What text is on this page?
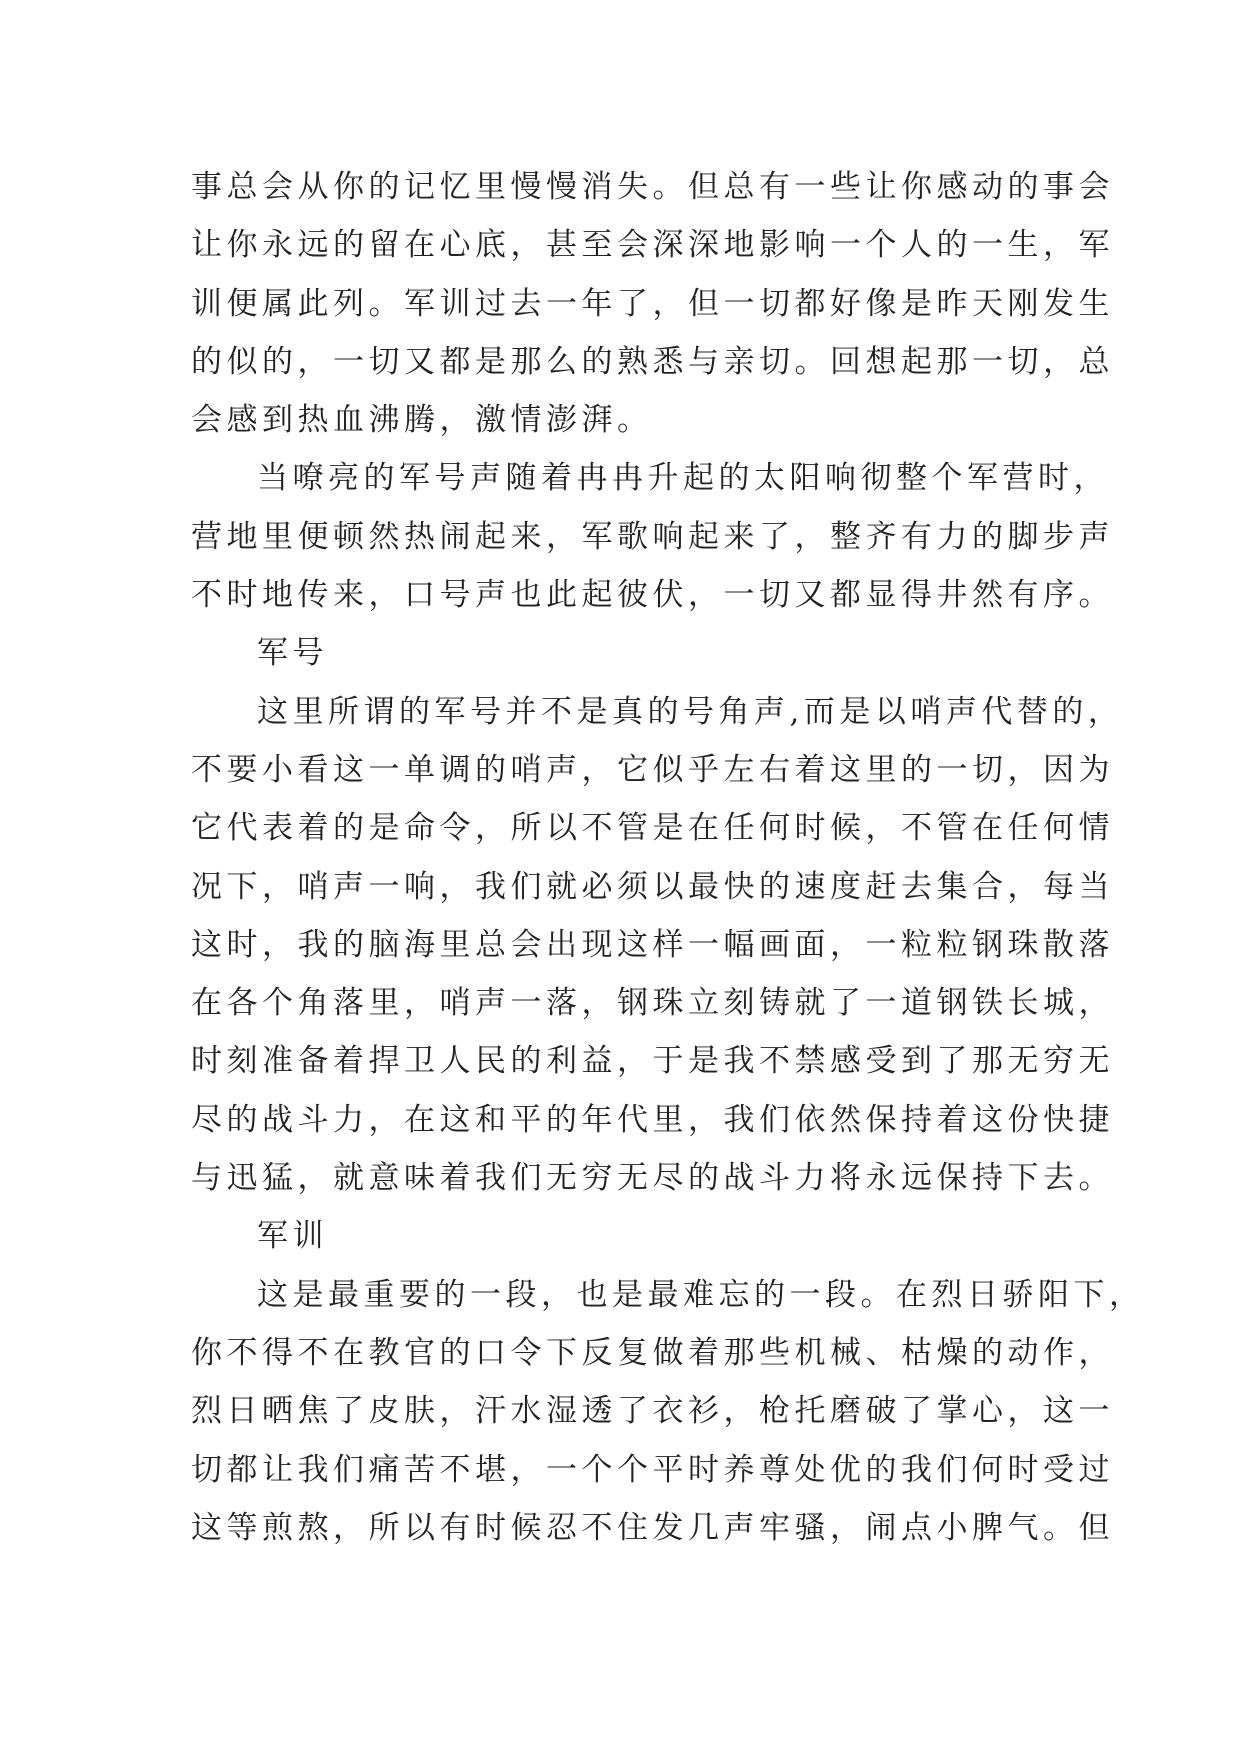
事总会从你的记忆里慢慢消失。但总有一些让你感动的事会
让你永远的留在心底，甚至会深深地影响一个人的一生，军
训便属此列。军训过去一年了，但一切都好像是昨天刚发生
的似的，一切又都是那么的熟悉与亲切。回想起那一切，总
会感到热血沸腾，激情澎湃。
当嘹亮的军号声随着冉冉升起的太阳响彻整个军营时，
营地里便顿然热闹起来，军歌响起来了，整齐有力的脚步声
不时地传来，口号声也此起彼伏，一切又都显得井然有序。
军号
这里所谓的军号并不是真的号角声,而是以哨声代替的，
不要小看这一单调的哨声，它似乎左右着这里的一切，因为
它代表着的是命令，所以不管是在任何时候，不管在任何情
况下，哨声一响，我们就必须以最快的速度赶去集合，每当
这时，我的脑海里总会出现这样一幅画面，一粒粒钢珠散落
在各个角落里，哨声一落，钢珠立刻铸就了一道钢铁长城，
时刻准备着捍卫人民的利益，于是我不禁感受到了那无穷无
尽的战斗力，在这和平的年代里，我们依然保持着这份快捷
与迅猛，就意味着我们无穷无尽的战斗力将永远保持下去。
军训
这是最重要的一段，也是最难忘的一段。在烈日骄阳下，
你不得不在教官的口令下反复做着那些机械、枯燥的动作，
烈日晒焦了皮肤，汗水湿透了衣衫，枪托磨破了掌心，这一
切都让我们痛苦不堪，一个个平时养尊处优的我们何时受过
这等煎熬，所以有时候忍不住发几声牢骚，闹点小脾气。但
